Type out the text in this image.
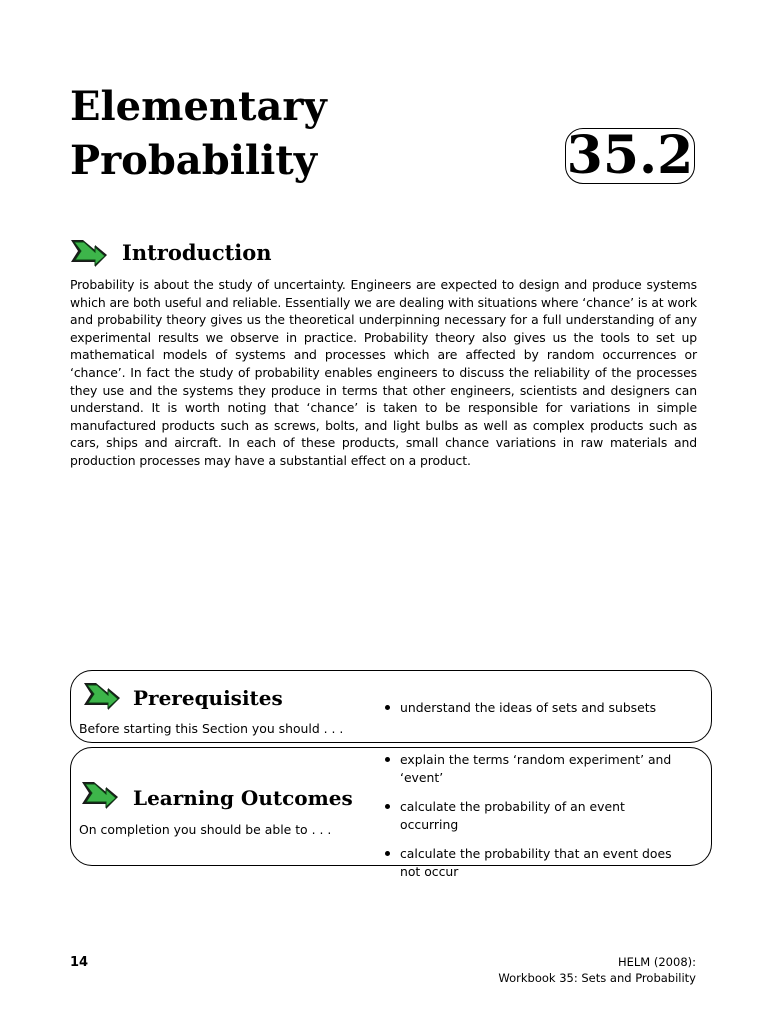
Elementary
Probability	35.2
Introduction

Probability is about the study of uncertainty. Engineers are expected to design and produce systems which are both useful and reliable. Essentially we are dealing with situations where ‘chance’ is at work and probability theory gives us the theoretical underpinning necessary for a full understanding of any experimental results we observe in practice. Probability theory also gives us the tools to set up mathematical models of systems and processes which are affected by random occurrences or ‘chance’. In fact the study of probability enables engineers to discuss the reliability of the processes they use and the systems they produce in terms that other engineers, scientists and designers can understand. It is worth noting that ‘chance’ is taken to be responsible for variations in simple manufactured products such as screws, bolts, and light bulbs as well as complex products such as cars, ships and aircraft. In each of these products, small chance variations in raw materials and production processes may have a substantial effect on a product.

Prerequisites
Before starting this Section you should . . .
understand the ideas of sets and subsets
Learning Outcomes
On completion you should be able to . . .
explain the terms ‘random experiment’ and ‘event’
calculate the probability of an event occurring
calculate the probability that an event does not occur
14	HELM (2008):
Workbook 35: Sets and Probability
